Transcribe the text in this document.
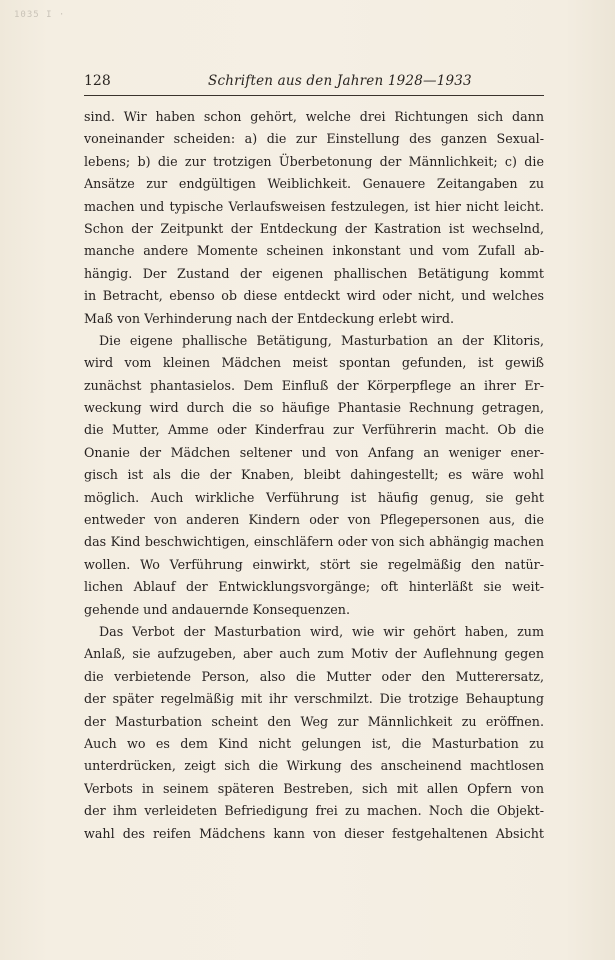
1035 I ·
128	Schriften aus den Jahren 1928—1933
sind. Wir haben schon gehört, welche drei Richtungen sich dann
voneinander scheiden: a) die zur Einstellung des ganzen Sexual-
lebens; b) die zur trotzigen Überbetonung der Männlichkeit; c) die
Ansätze zur endgültigen Weiblichkeit. Genauere Zeitangaben zu
machen und typische Verlaufsweisen festzulegen, ist hier nicht leicht.
Schon der Zeitpunkt der Entdeckung der Kastration ist wechselnd,
manche andere Momente scheinen inkonstant und vom Zufall ab-
hängig. Der Zustand der eigenen phallischen Betätigung kommt
in Betracht, ebenso ob diese entdeckt wird oder nicht, und welches
Maß von Verhinderung nach der Entdeckung erlebt wird.
Die eigene phallische Betätigung, Masturbation an der Klitoris,
wird vom kleinen Mädchen meist spontan gefunden, ist gewiß
zunächst phantasielos. Dem Einfluß der Körperpflege an ihrer Er-
weckung wird durch die so häufige Phantasie Rechnung getragen,
die Mutter, Amme oder Kinderfrau zur Verführerin macht. Ob die
Onanie der Mädchen seltener und von Anfang an weniger ener-
gisch ist als die der Knaben, bleibt dahingestellt; es wäre wohl
möglich. Auch wirkliche Verführung ist häufig genug, sie geht
entweder von anderen Kindern oder von Pflegepersonen aus, die
das Kind beschwichtigen, einschläfern oder von sich abhängig machen
wollen. Wo Verführung einwirkt, stört sie regelmäßig den natür-
lichen Ablauf der Entwicklungsvorgänge; oft hinterläßt sie weit-
gehende und andauernde Konsequenzen.
Das Verbot der Masturbation wird, wie wir gehört haben, zum
Anlaß, sie aufzugeben, aber auch zum Motiv der Auflehnung gegen
die verbietende Person, also die Mutter oder den Mutterersatz,
der später regelmäßig mit ihr verschmilzt. Die trotzige Behauptung
der Masturbation scheint den Weg zur Männlichkeit zu eröffnen.
Auch wo es dem Kind nicht gelungen ist, die Masturbation zu
unterdrücken, zeigt sich die Wirkung des anscheinend machtlosen
Verbots in seinem späteren Bestreben, sich mit allen Opfern von
der ihm verleideten Befriedigung frei zu machen. Noch die Objekt-
wahl des reifen Mädchens kann von dieser festgehaltenen Absicht
